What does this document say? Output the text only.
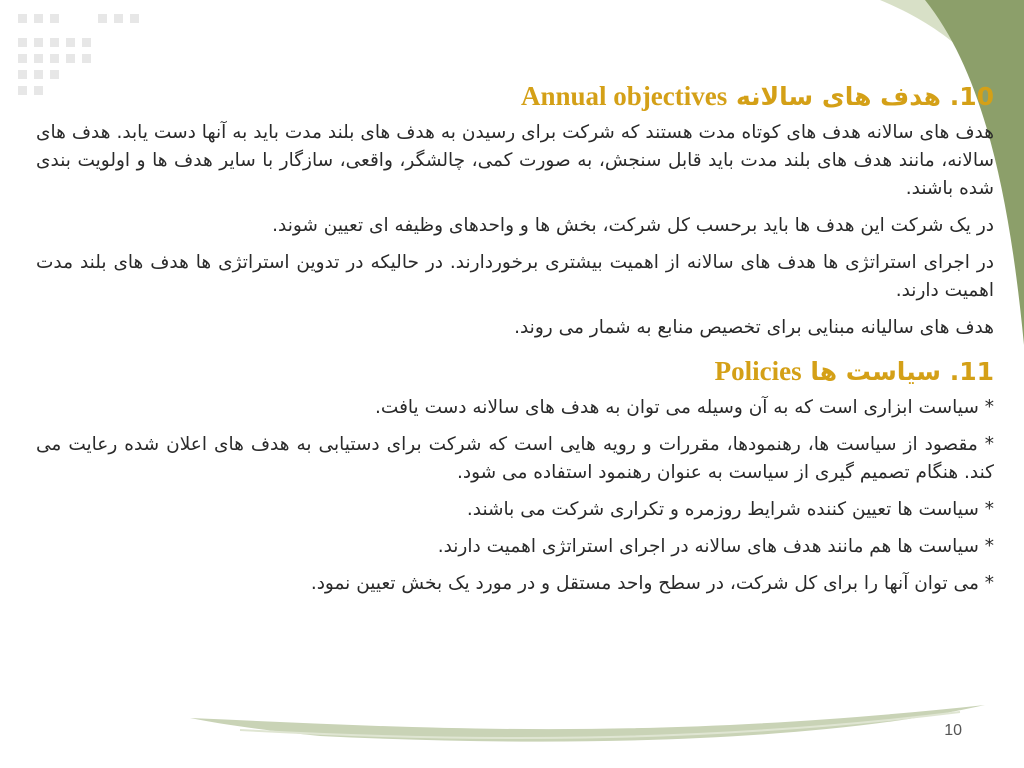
10. هدف های سالانه Annual objectives

هدف های سالانه هدف های کوتاه مدت هستند که شرکت برای رسیدن به هدف های بلند مدت باید به آنها دست یابد. هدف های سالانه، مانند هدف های بلند مدت باید قابل سنجش، به صورت کمی، چالشگر، واقعی، سازگار با سایر هدف ها و اولویت بندی شده باشند.

در یک شرکت این هدف ها باید برحسب کل شرکت، بخش ها و واحدهای وظیفه ای تعیین شوند.

در اجرای استراتژی ها هدف های سالانه از اهمیت بیشتری برخوردارند. در حالیکه در تدوین استراتژی ها هدف های بلند مدت اهمیت دارند.

هدف های سالیانه مبنایی برای تخصیص منابع به شمار می روند.

11. سیاست ها Policies

* سیاست ابزاری است که به آن وسیله می توان به هدف های سالانه دست یافت.

* مقصود از سیاست ها، رهنمودها، مقررات و رویه هایی است که شرکت برای دستیابی به هدف های اعلان شده رعایت می کند. هنگام تصمیم گیری از سیاست به عنوان رهنمود استفاده می شود.

* سیاست ها تعیین کننده شرایط روزمره و تکراری شرکت می باشند.

* سیاست ها هم مانند هدف های سالانه در اجرای استراتژی اهمیت دارند.

* می توان آنها را برای کل شرکت، در سطح واحد مستقل و در مورد یک بخش تعیین نمود.

10
